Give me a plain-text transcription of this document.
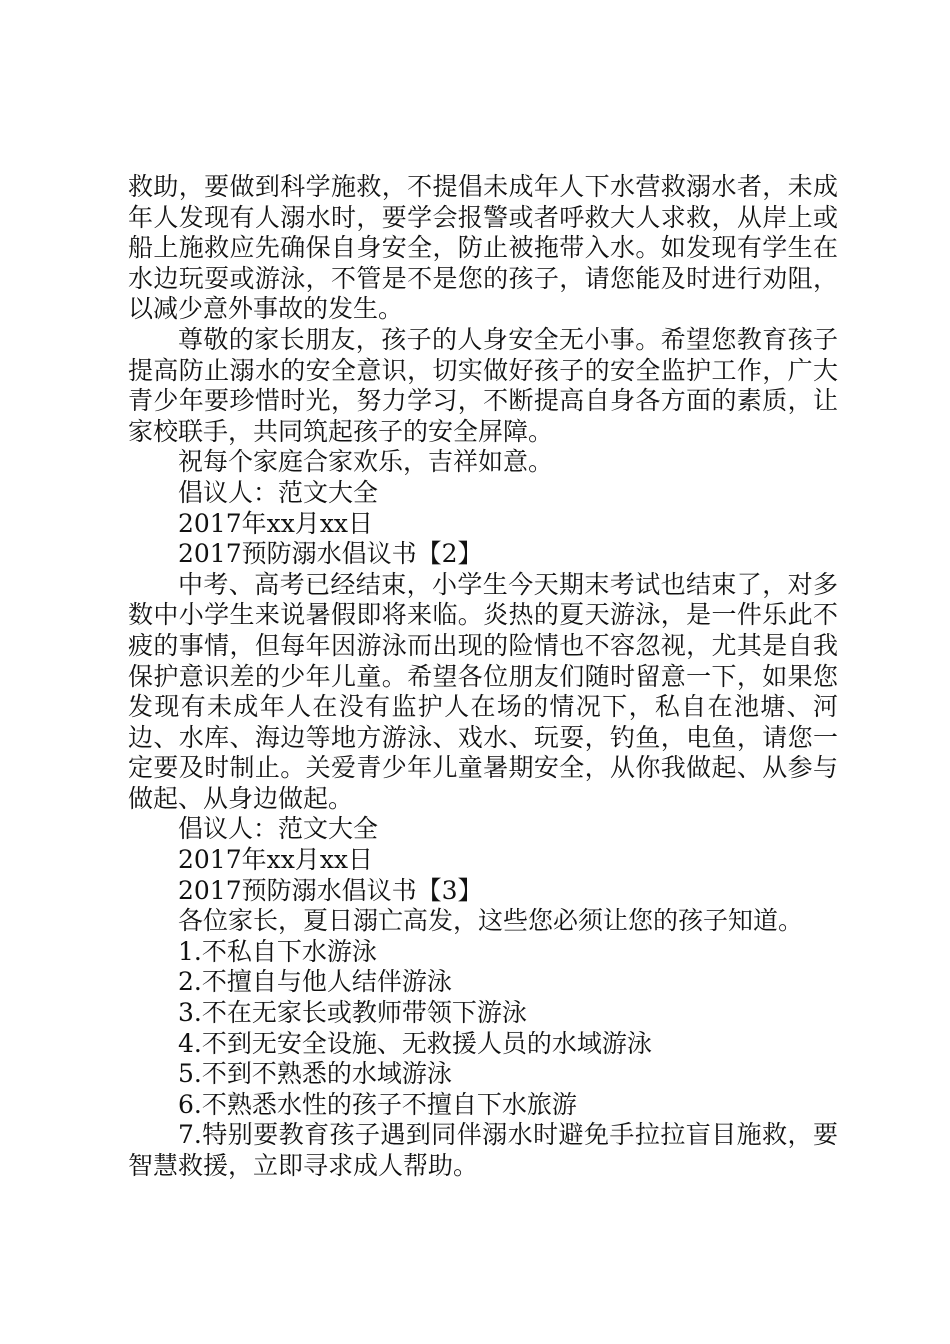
救助，要做到科学施救，不提倡未成年人下水营救溺水者，未成年人发现有人溺水时，要学会报警或者呼救大人求救，从岸上或船上施救应先确保自身安全，防止被拖带入水。如发现有学生在水边玩耍或游泳，不管是不是您的孩子，请您能及时进行劝阻，以减少意外事故的发生。

尊敬的家长朋友，孩子的人身安全无小事。希望您教育孩子提高防止溺水的安全意识，切实做好孩子的安全监护工作，广大青少年要珍惜时光，努力学习，不断提高自身各方面的素质，让家校联手，共同筑起孩子的安全屏障。

祝每个家庭合家欢乐，吉祥如意。

倡议人：范文大全

2017年xx月xx日

2017预防溺水倡议书【2】

中考、高考已经结束，小学生今天期末考试也结束了，对多数中小学生来说暑假即将来临。炎热的夏天游泳，是一件乐此不疲的事情，但每年因游泳而出现的险情也不容忽视，尤其是自我保护意识差的少年儿童。希望各位朋友们随时留意一下，如果您发现有未成年人在没有监护人在场的情况下，私自在池塘、河边、水库、海边等地方游泳、戏水、玩耍，钓鱼，电鱼，请您一定要及时制止。关爱青少年儿童暑期安全，从你我做起、从参与做起、从身边做起。

倡议人：范文大全

2017年xx月xx日

2017预防溺水倡议书【3】

各位家长，夏日溺亡高发，这些您必须让您的孩子知道。

1.不私自下水游泳

2.不擅自与他人结伴游泳

3.不在无家长或教师带领下游泳

4.不到无安全设施、无救援人员的水域游泳

5.不到不熟悉的水域游泳

6.不熟悉水性的孩子不擅自下水旅游

7.特别要教育孩子遇到同伴溺水时避免手拉拉盲目施救，要智慧救援，立即寻求成人帮助。
